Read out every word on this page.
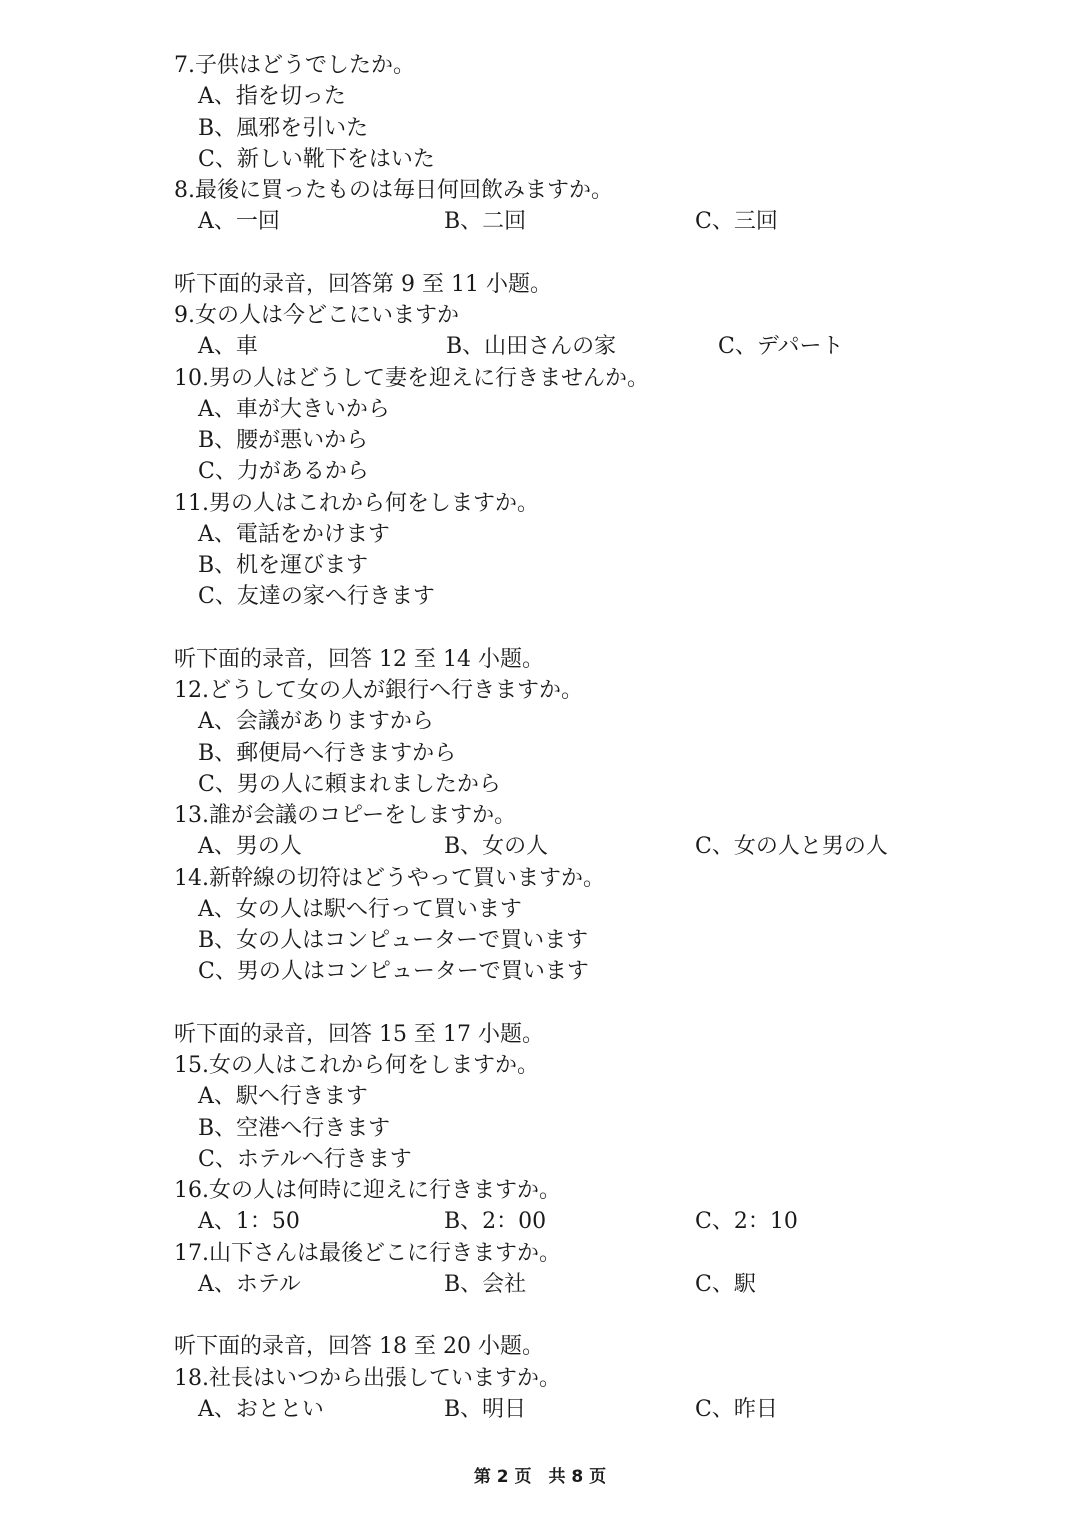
7.子供はどうでしたか。
A、指を切った
B、風邪を引いた
C、新しい靴下をはいた
8.最後に買ったものは毎日何回飲みますか。
A、一回	B、二回	C、三回
听下面的录音，回答第 9 至 11 小题。
9.女の人は今どこにいますか
A、車	B、山田さんの家	C、デパート
10.男の人はどうして妻を迎えに行きませんか。
A、車が大きいから
B、腰が悪いから
C、力があるから
11.男の人はこれから何をしますか。
A、電話をかけます
B、机を運びます
C、友達の家へ行きます
听下面的录音，回答 12 至 14 小题。
12.どうして女の人が銀行へ行きますか。
A、会議がありますから
B、郵便局へ行きますから
C、男の人に頼まれましたから
13.誰が会議のコピーをしますか。
A、男の人	B、女の人	C、女の人と男の人
14.新幹線の切符はどうやって買いますか。
A、女の人は駅へ行って買います
B、女の人はコンピューターで買います
C、男の人はコンピューターで買います
听下面的录音，回答 15 至 17 小题。
15.女の人はこれから何をしますか。
A、駅へ行きます
B、空港へ行きます
C、ホテルへ行きます
16.女の人は何時に迎えに行きますか。
A、1：50	B、2：00	C、2：10
17.山下さんは最後どこに行きますか。
A、ホテル	B、会社	C、駅
听下面的录音，回答 18 至 20 小题。
18.社長はいつから出張していますか。
A、おととい	B、明日	C、昨日
第 2 页　共 8 页
